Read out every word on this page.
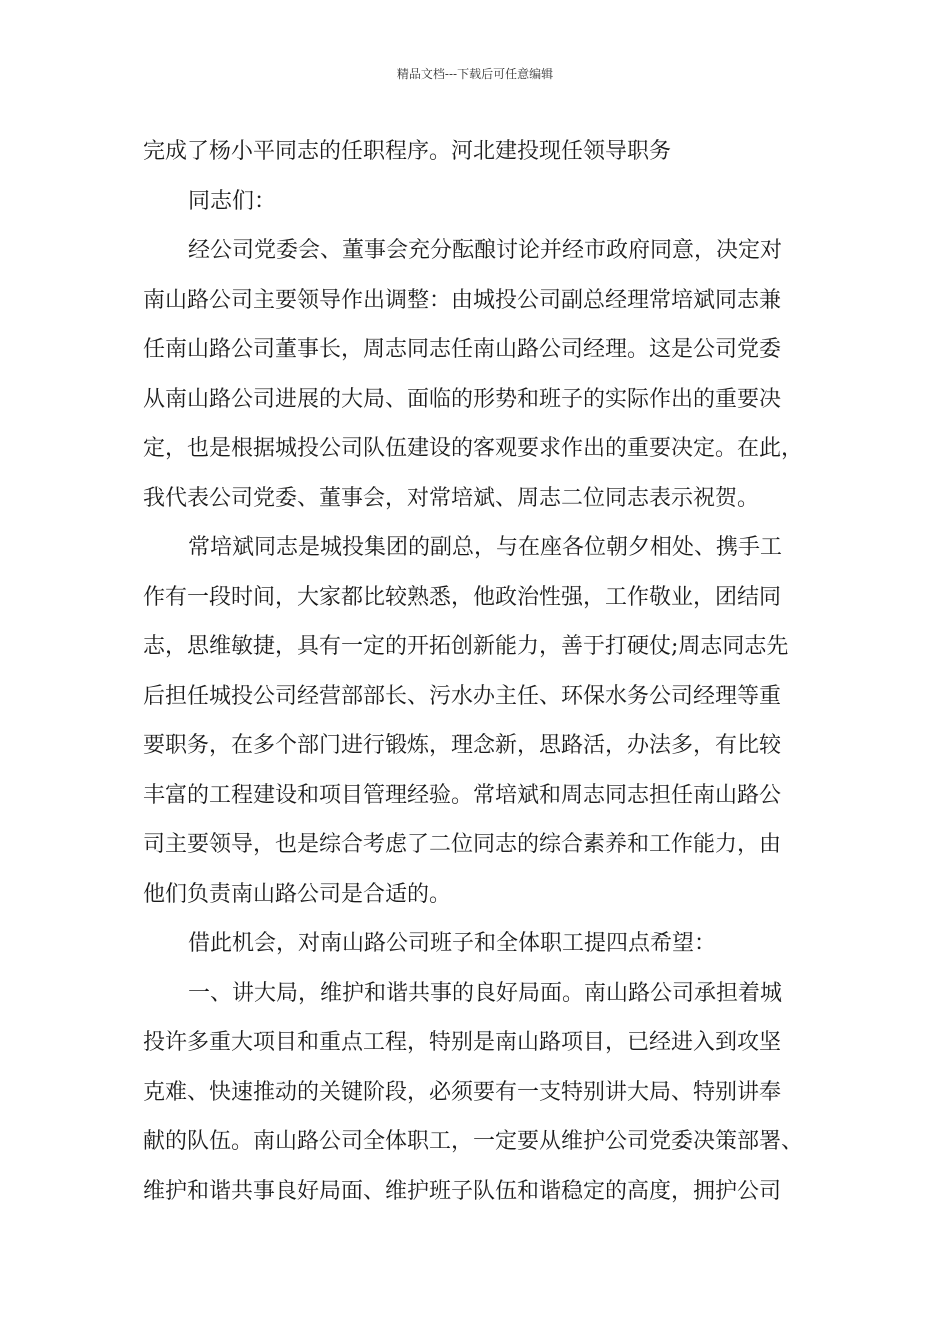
精品文档---下载后可任意编辑
完成了杨小平同志的任职程序。河北建投现任领导职务
同志们：
经公司党委会、董事会充分酝酿讨论并经市政府同意，决定对
南山路公司主要领导作出调整：由城投公司副总经理常培斌同志兼
任南山路公司董事长，周志同志任南山路公司经理。这是公司党委
从南山路公司进展的大局、面临的形势和班子的实际作出的重要决
定，也是根据城投公司队伍建设的客观要求作出的重要决定。在此，
我代表公司党委、董事会，对常培斌、周志二位同志表示祝贺。
常培斌同志是城投集团的副总，与在座各位朝夕相处、携手工
作有一段时间，大家都比较熟悉，他政治性强，工作敬业，团结同
志，思维敏捷，具有一定的开拓创新能力，善于打硬仗;周志同志先
后担任城投公司经营部部长、污水办主任、环保水务公司经理等重
要职务，在多个部门进行锻炼，理念新，思路活，办法多，有比较
丰富的工程建设和项目管理经验。常培斌和周志同志担任南山路公
司主要领导，也是综合考虑了二位同志的综合素养和工作能力，由
他们负责南山路公司是合适的。
借此机会，对南山路公司班子和全体职工提四点希望：
一、讲大局，维护和谐共事的良好局面。南山路公司承担着城
投许多重大项目和重点工程，特别是南山路项目，已经进入到攻坚
克难、快速推动的关键阶段，必须要有一支特别讲大局、特别讲奉
献的队伍。南山路公司全体职工，一定要从维护公司党委决策部署、
维护和谐共事良好局面、维护班子队伍和谐稳定的高度，拥护公司
